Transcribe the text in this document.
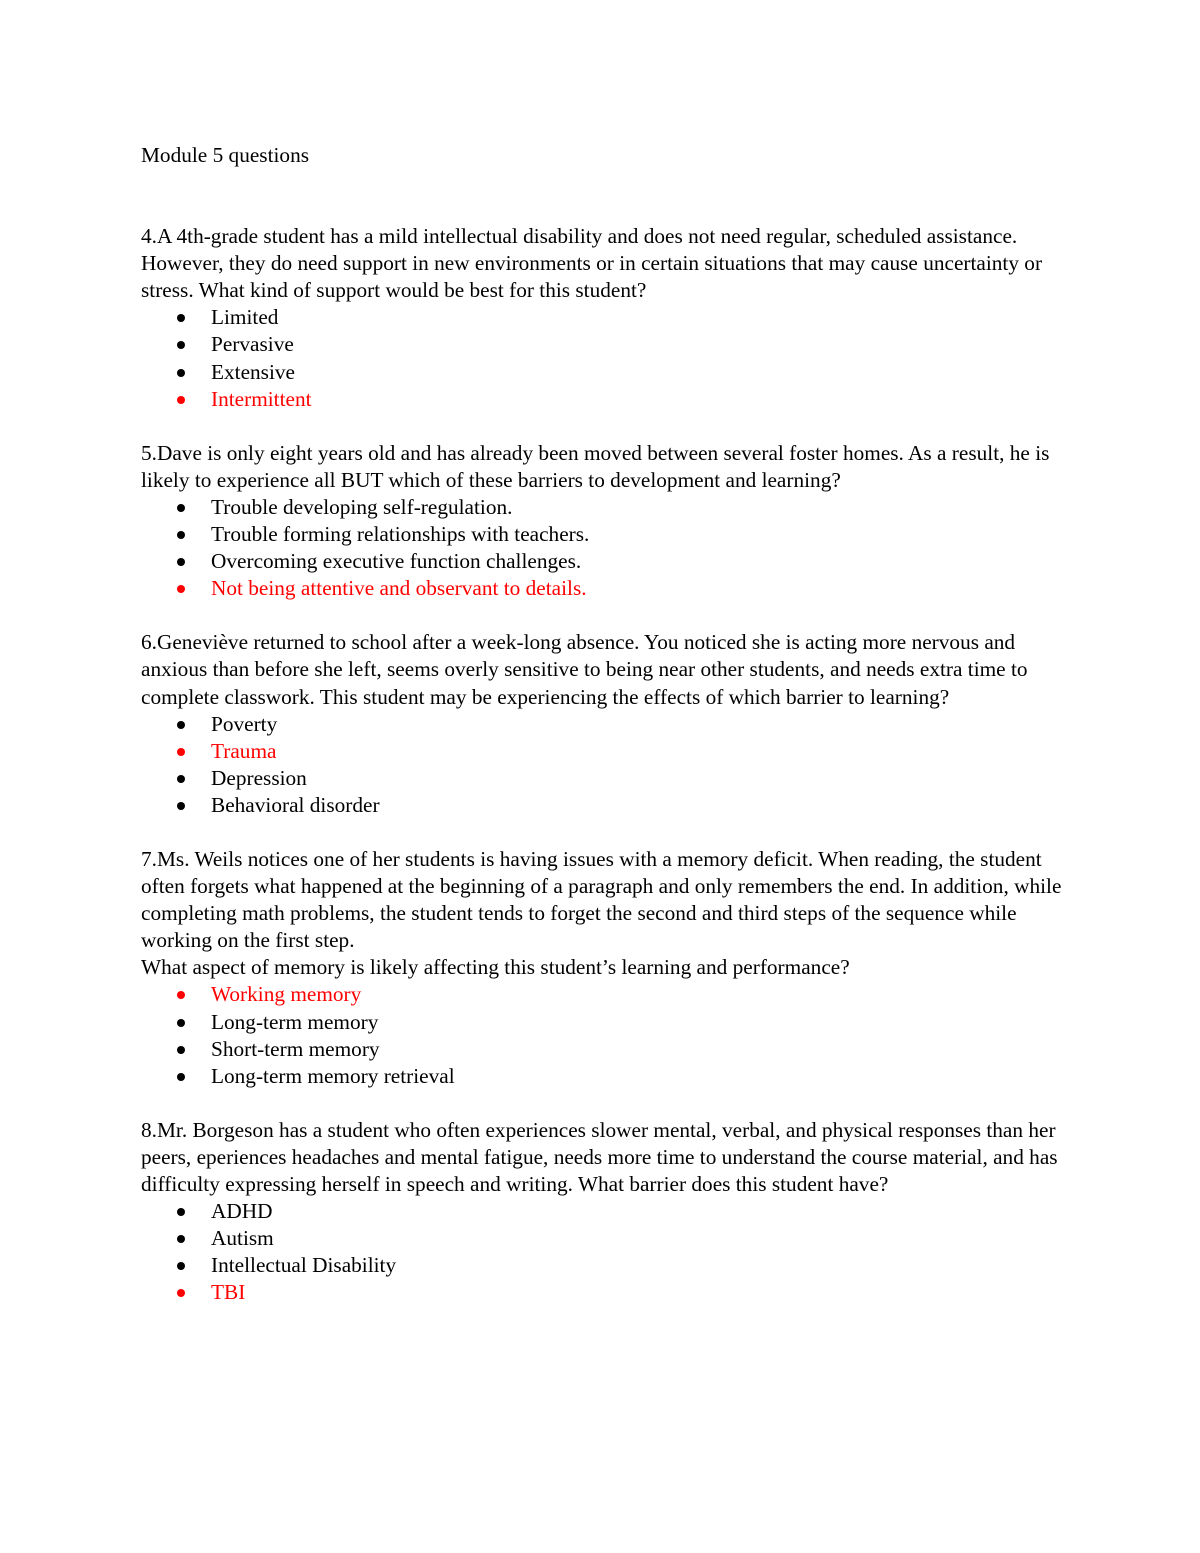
Module 5 questions

4.A 4th-grade student has a mild intellectual disability and does not need regular, scheduled assistance. However, they do need support in new environments or in certain situations that may cause uncertainty or stress. What kind of support would be best for this student?

Limited
Pervasive
Extensive
Intermittent

5.Dave is only eight years old and has already been moved between several foster homes. As a result, he is likely to experience all BUT which of these barriers to development and learning?

Trouble developing self-regulation.
Trouble forming relationships with teachers.
Overcoming executive function challenges.
Not being attentive and observant to details.

6.Geneviève returned to school after a week-long absence. You noticed she is acting more nervous and anxious than before she left, seems overly sensitive to being near other students, and needs extra time to complete classwork. This student may be experiencing the effects of which barrier to learning?

Poverty
Trauma
Depression
Behavioral disorder

7.Ms. Weils notices one of her students is having issues with a memory deficit. When reading, the student often forgets what happened at the beginning of a paragraph and only remembers the end. In addition, while completing math problems, the student tends to forget the second and third steps of the sequence while working on the first step.

What aspect of memory is likely affecting this student’s learning and performance?

Working memory
Long-term memory
Short-term memory
Long-term memory retrieval

8.Mr. Borgeson has a student who often experiences slower mental, verbal, and physical responses than her peers, eperiences headaches and mental fatigue, needs more time to understand the course material, and has difficulty expressing herself in speech and writing. What barrier does this student have?

ADHD
Autism
Intellectual Disability
TBI
